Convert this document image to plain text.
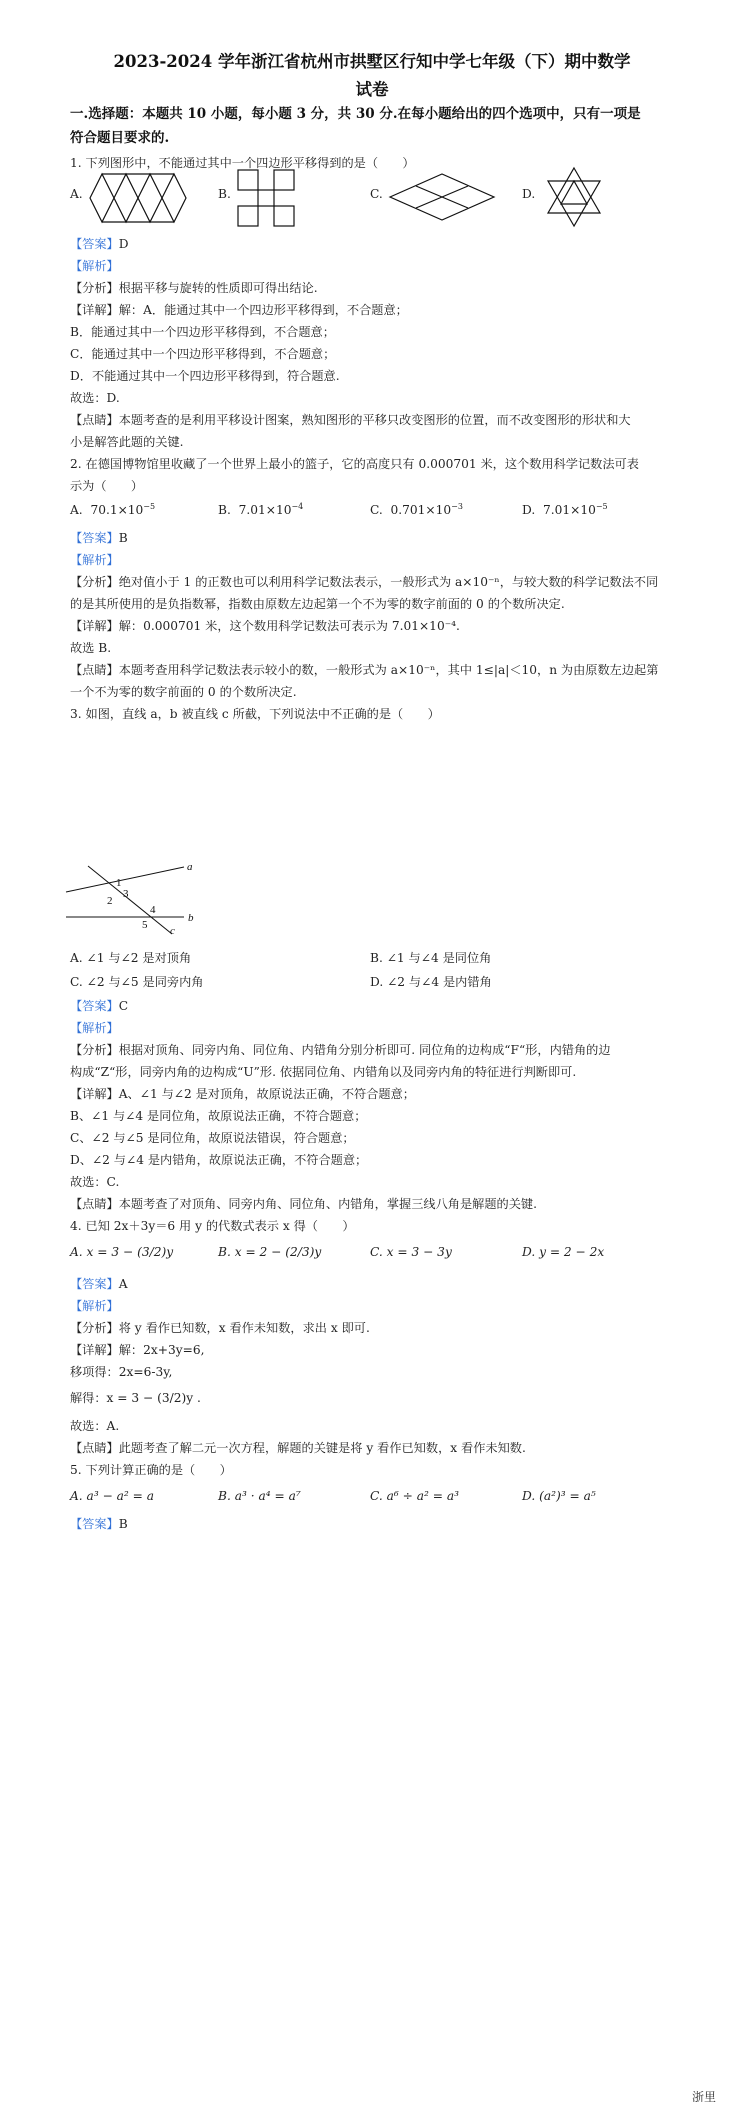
2023-2024 学年浙江省杭州市拱墅区行知中学七年级（下）期中数学
试卷
一.选择题：本题共 10 小题，每小题 3 分，共 30 分.在每小题给出的四个选项中，只有一项是
符合题目要求的.
1. 下列图形中，不能通过其中一个四边形平移得到的是（　　）
A.	B.	C.	D.
【答案】D
【解析】
【分析】根据平移与旋转的性质即可得出结论.
【详解】解：A．能通过其中一个四边形平移得到，不合题意；
B．能通过其中一个四边形平移得到，不合题意；
C．能通过其中一个四边形平移得到，不合题意；
D．不能通过其中一个四边形平移得到，符合题意.
故选：D.
【点睛】本题考查的是利用平移设计图案，熟知图形的平移只改变图形的位置，而不改变图形的形状和大
小是解答此题的关键.
2. 在德国博物馆里收藏了一个世界上最小的篮子，它的高度只有 0.000701 米，这个数用科学记数法可表
示为（　　）
A. $70.1\times 10^{-5}$	B. $7.01\times 10^{-4}$	C. $0.701\times 10^{-3}$	D. $7.01\times 10^{-5}$
【答案】B
【解析】
【分析】绝对值小于 1 的正数也可以利用科学记数法表示，一般形式为 a×10⁻ⁿ，与较大数的科学记数法不同
的是其所使用的是负指数幂，指数由原数左边起第一个不为零的数字前面的 0 的个数所决定.
【详解】解：0.000701 米，这个数用科学记数法可表示为 7.01×10⁻⁴.
故选 B.
【点睛】本题考查用科学记数法表示较小的数，一般形式为 a×10⁻ⁿ，其中 1≤|a|＜10，n 为由原数左边起第
一个不为零的数字前面的 0 的个数所决定.
3. 如图，直线 a，b 被直线 c 所截，下列说法中不正确的是（　　）
1
3
2
4
5
a
b
c
A. ∠1 与∠2 是对顶角	B. ∠1 与∠4 是同位角
C. ∠2 与∠5 是同旁内角	D. ∠2 与∠4 是内错角
【答案】C
【解析】
【分析】根据对顶角、同旁内角、同位角、内错角分别分析即可. 同位角的边构成“F“形，内错角的边
构成“Z“形，同旁内角的边构成“U”形. 依据同位角、内错角以及同旁内角的特征进行判断即可.
【详解】A、∠1 与∠2 是对顶角，故原说法正确，不符合题意；
B、∠1 与∠4 是同位角，故原说法正确，不符合题意；
C、∠2 与∠5 是同位角，故原说法错误，符合题意；
D、∠2 与∠4 是内错角，故原说法正确，不符合题意；
故选：C.
【点睛】本题考查了对顶角、同旁内角、同位角、内错角，掌握三线八角是解题的关键.
4. 已知 2x＋3y＝6 用 y 的代数式表示 x 得（　　）
A. x = 3 − (3/2)y	B. x = 2 − (2/3)y	C. x = 3 − 3y	D. y = 2 − 2x
【答案】A
【解析】
【分析】将 y 看作已知数，x 看作未知数，求出 x 即可.
【详解】解：2x+3y=6,
移项得：2x=6-3y,
解得：x = 3 − (3/2)y .
故选：A.
【点睛】此题考查了解二元一次方程，解题的关键是将 y 看作已知数，x 看作未知数.
5. 下列计算正确的是（　　）
A. a³ − a² = a	B. a³ · a⁴ = a⁷	C. a⁶ ÷ a² = a³	D. (a²)³ = a⁵
【答案】B
浙里
